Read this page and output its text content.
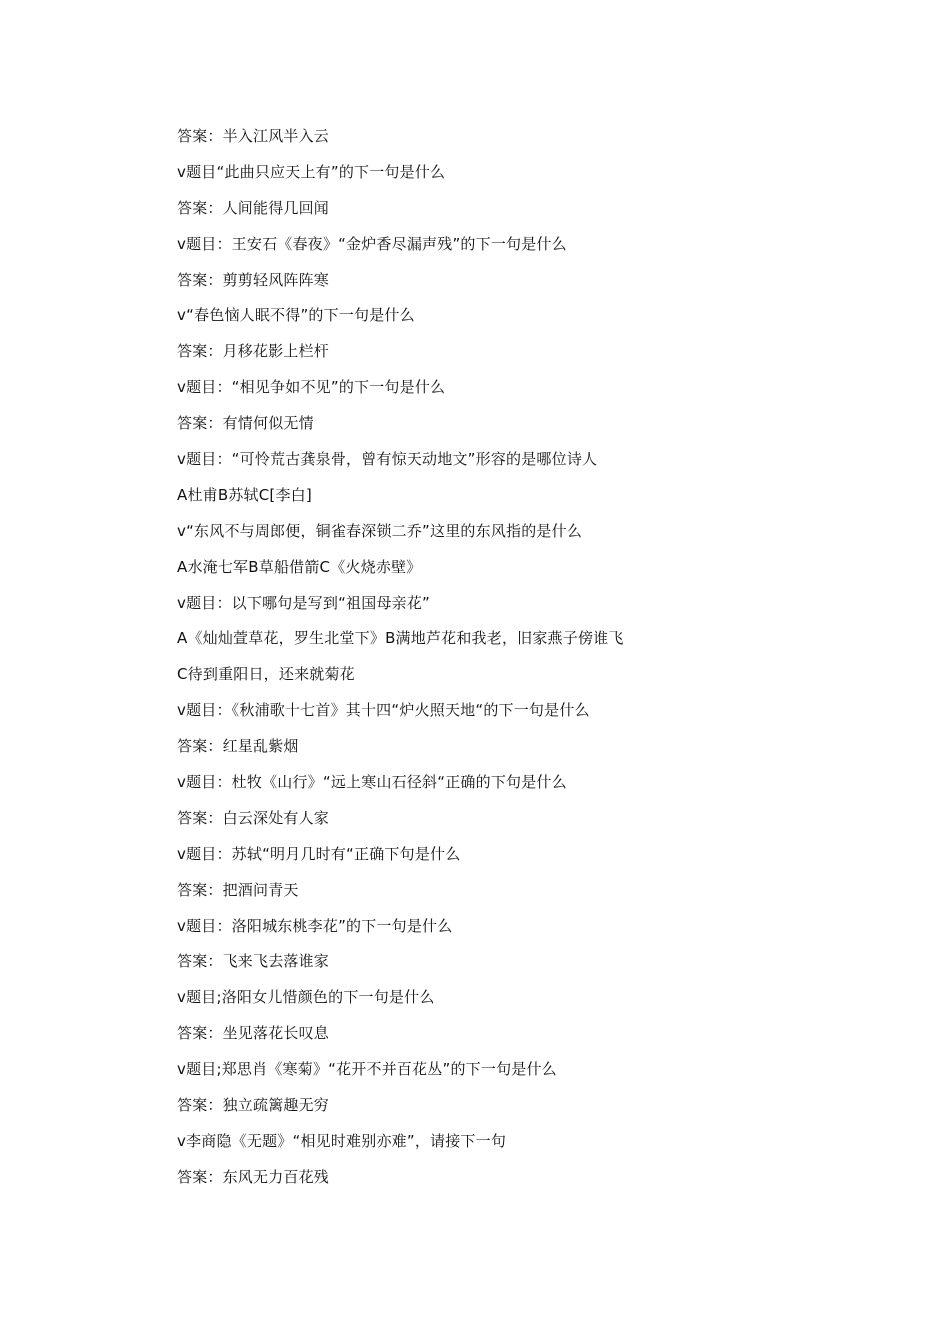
答案：半入江风半入云
v题目“此曲只应天上有”的下一句是什么
答案：人间能得几回闻
v题目：王安石《春夜》“金炉香尽漏声残”的下一句是什么
答案：剪剪轻风阵阵寒
v“春色恼人眠不得”的下一句是什么
答案：月移花影上栏杆
v题目：“相见争如不见”的下一句是什么
答案：有情何似无情
v题目：“可怜荒古龚泉骨，曾有惊天动地文”形容的是哪位诗人
A杜甫B苏轼C[李白]
v“东风不与周郎便，铜雀春深锁二乔”这里的东风指的是什么
A水淹七军B草船借箭C《火烧赤壁》
v题目：以下哪句是写到“祖国母亲花”
A《灿灿萱草花，罗生北堂下》B满地芦花和我老，旧家燕子傍谁飞
C待到重阳日，还来就菊花
v题目：《秋浦歌十七首》其十四“炉火照天地“的下一句是什么
答案：红星乱紫烟
v题目：杜牧《山行》“远上寒山石径斜“正确的下句是什么
答案：白云深处有人家
v题目：苏轼“明月几时有“正确下句是什么
答案：把酒问青天
v题目：洛阳城东桃李花”的下一句是什么
答案：飞来飞去落谁家
v题目;洛阳女儿惜颜色的下一句是什么
答案：坐见落花长叹息
v题目;郑思肖《寒菊》“花开不并百花丛”的下一句是什么
答案：独立疏篱趣无穷
v李商隐《无题》“相见时难别亦难”，请接下一句
答案：东风无力百花残
